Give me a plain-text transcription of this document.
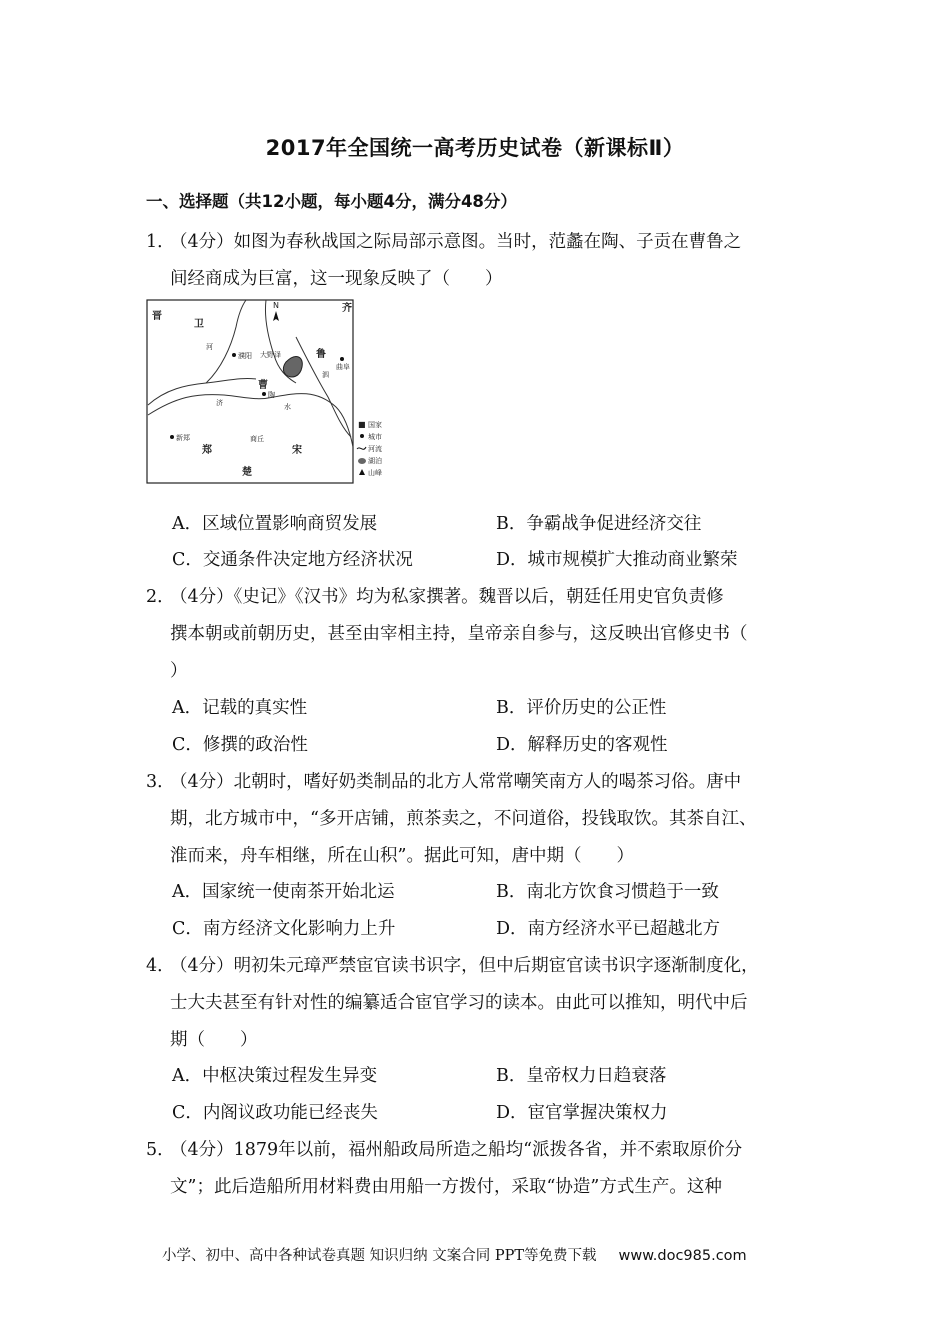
2017年全国统一高考历史试卷（新课标Ⅱ）
一、选择题（共12小题，每小题4分，满分48分）
1．
（4分）如图为春秋战国之际局部示意图。当时，范蠡在陶、子贡在曹鲁之
间经商成为巨富，这一现象反映了（　　）
N
晋
卫
齐
濮阳 大野泽	鲁
曲阜
曹
陶
新郑	商丘
郑	宋
楚
河
济	水
泗
■ 国家
城市
河流
湖泊
山峰
A．区域位置影响商贸发展	B．争霸战争促进经济交往
C．交通条件决定地方经济状况	D．城市规模扩大推动商业繁荣
2．
（4分）《史记》《汉书》均为私家撰著。魏晋以后，朝廷任用史官负责修
撰本朝或前朝历史，甚至由宰相主持，皇帝亲自参与，这反映出官修史书（
）
A．记载的真实性	B．评价历史的公正性
C．修撰的政治性	D．解释历史的客观性
3．
（4分）北朝时，嗜好奶类制品的北方人常常嘲笑南方人的喝茶习俗。唐中
期，北方城市中，“多开店铺，煎茶卖之，不问道俗，投钱取饮。其茶自江、
淮而来，舟车相继，所在山积”。据此可知，唐中期（　　）
A．国家统一使南茶开始北运	B．南北方饮食习惯趋于一致
C．南方经济文化影响力上升	D．南方经济水平已超越北方
4．
（4分）明初朱元璋严禁宦官读书识字，但中后期宦官读书识字逐渐制度化，
士大夫甚至有针对性的编纂适合宦官学习的读本。由此可以推知，明代中后
期（　　）
A．中枢决策过程发生异变	B．皇帝权力日趋衰落
C．内阁议政功能已经丧失	D．宦官掌握决策权力
5．
（4分）1879年以前，福州船政局所造之船均“派拨各省，并不索取原价分
文”；此后造船所用材料费由用船一方拨付，采取“协造”方式生产。这种
小学、初中、高中各种试卷真题 知识归纳 文案合同 PPT等免费下载 www.doc985.com
